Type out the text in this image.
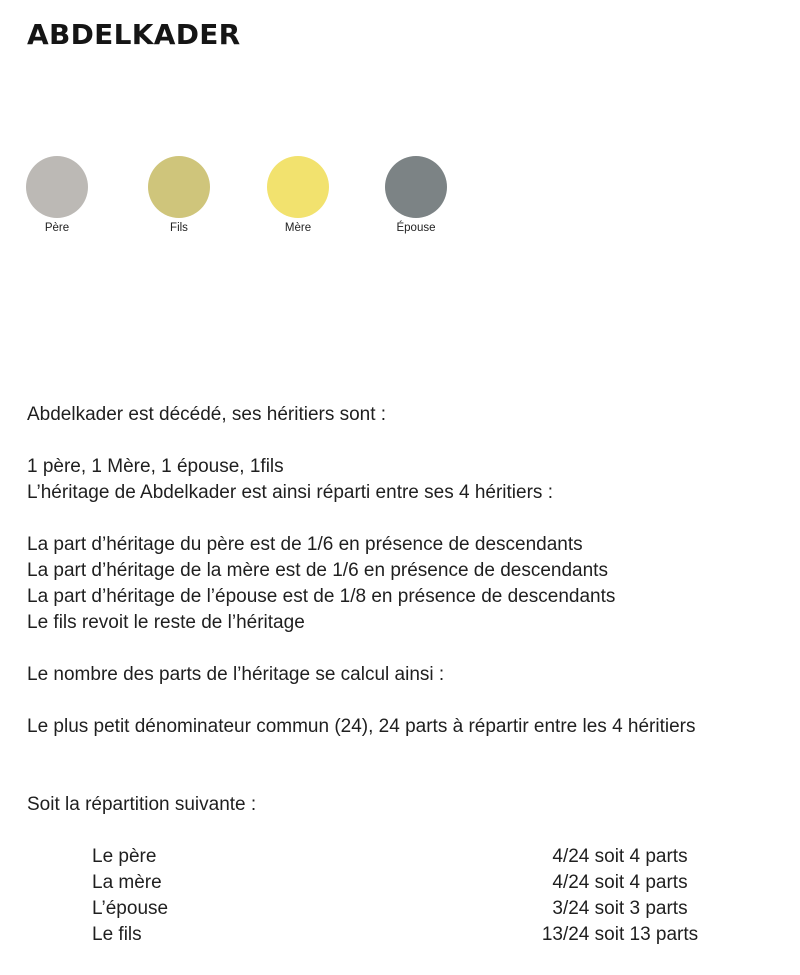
ABDELKADER
Père	Fils	Mère	Épouse

Abdelkader est décédé, ses héritiers sont :

1 père, 1 Mère, 1 épouse, 1fils

L’héritage de Abdelkader est ainsi réparti entre ses 4 héritiers :

La part d’héritage du père est de 1/6 en présence de descendants

La part d’héritage de la mère est de 1/6 en présence de descendants

La part d’héritage de l’épouse est de 1/8 en présence de descendants

Le fils revoit le reste de l’héritage

Le nombre des parts de l’héritage se calcul ainsi :

Le plus petit dénominateur commun (24), 24 parts à répartir entre les 4 héritiers

Soit la répartition suivante :

Le père	4/24 soit 4 parts
La mère	4/24 soit 4 parts
L’épouse	3/24 soit 3 parts
Le fils	13/24 soit 13 parts
